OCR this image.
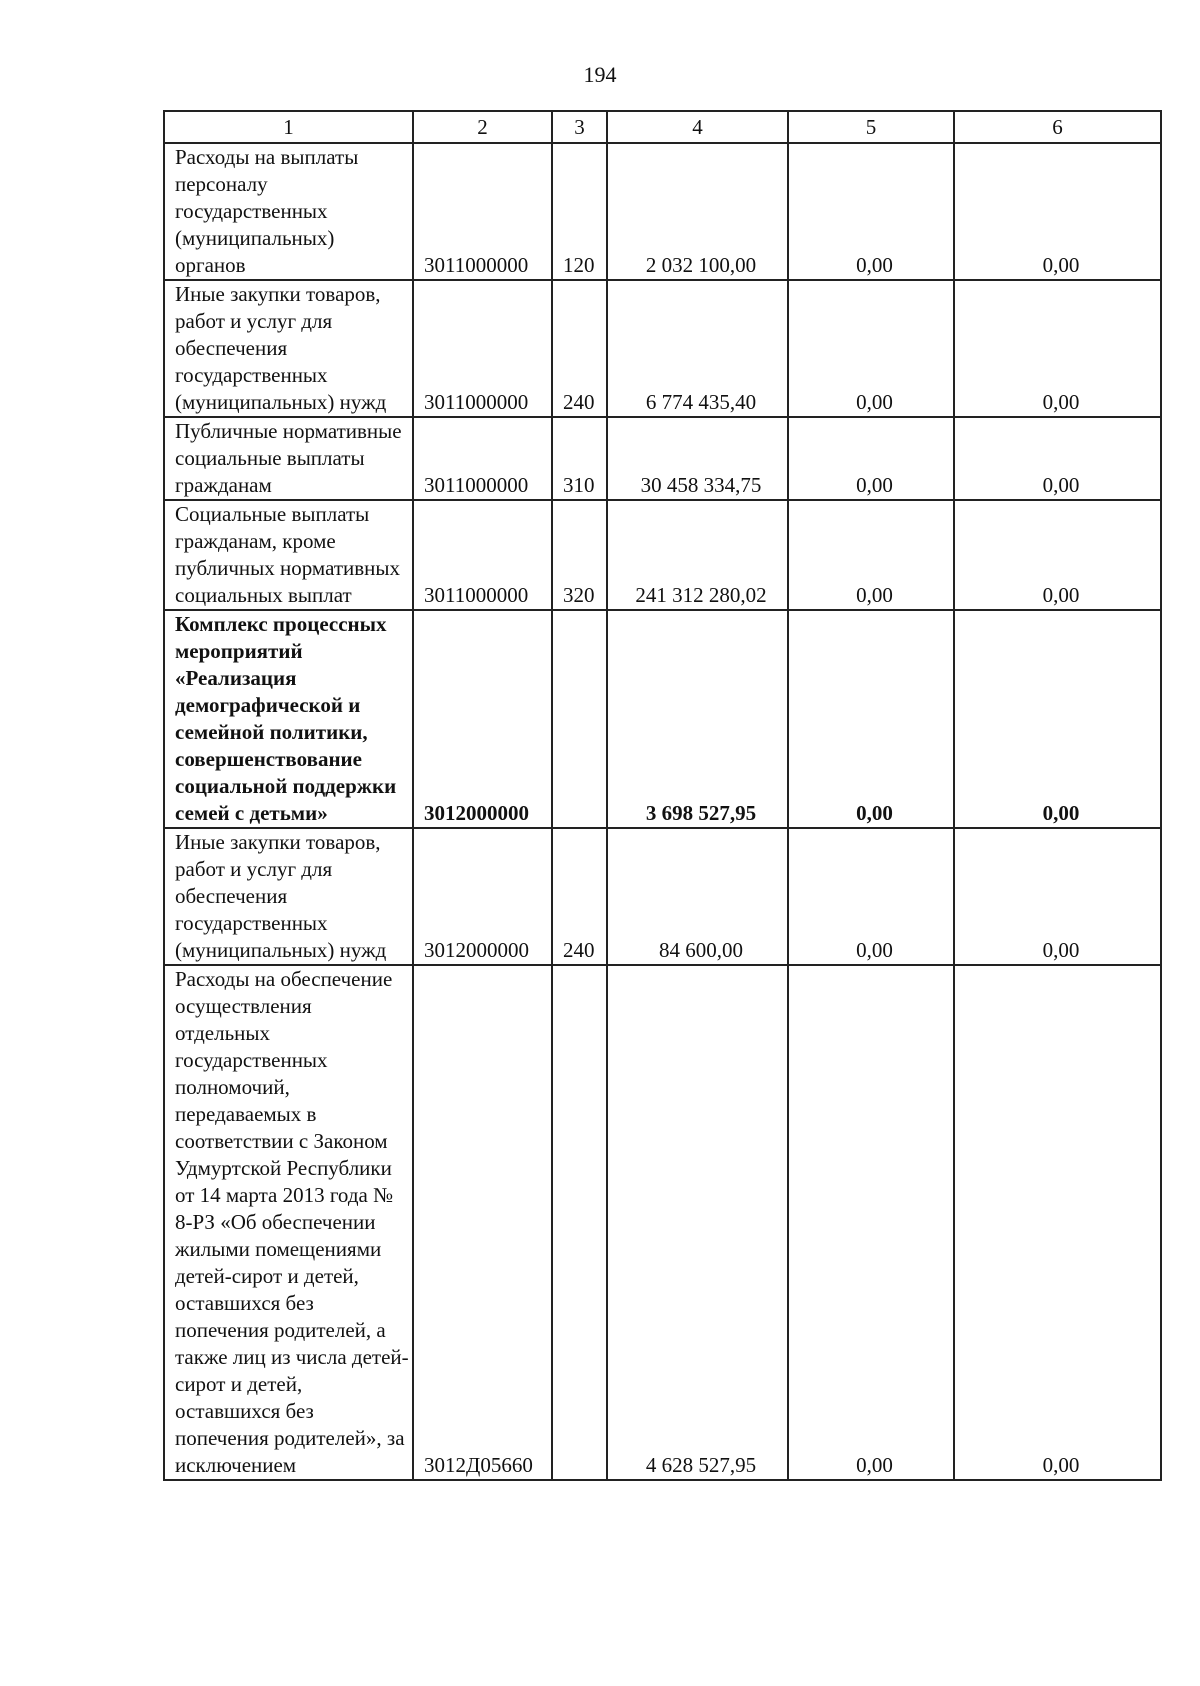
194
1	2	3	4	5	6
Расходы на выплаты персоналу государственных (муниципальных) органов	3011000000	120	2 032 100,00	0,00	0,00
Иные закупки товаров, работ и услуг для обеспечения государственных (муниципальных) нужд	3011000000	240	6 774 435,40	0,00	0,00
Публичные нормативные социальные выплаты гражданам	3011000000	310	30 458 334,75	0,00	0,00
Социальные выплаты гражданам, кроме публичных нормативных социальных выплат	3011000000	320	241 312 280,02	0,00	0,00
Комплекс процессных мероприятий «Реализация демографической и семейной политики, совершенствование социальной поддержки семей с детьми»	3012000000		3 698 527,95	0,00	0,00
Иные закупки товаров, работ и услуг для обеспечения государственных (муниципальных) нужд	3012000000	240	84 600,00	0,00	0,00
Расходы на обеспечение осуществления отдельных государственных полномочий, передаваемых в соответствии с Законом Удмуртской Республики от 14 марта 2013 года № 8-РЗ «Об обеспечении жилыми помещениями детей-сирот и детей, оставшихся без попечения родителей, а также лиц из числа детей-сирот и детей, оставшихся без попечения родителей», за исключением	3012Д05660		4 628 527,95	0,00	0,00
